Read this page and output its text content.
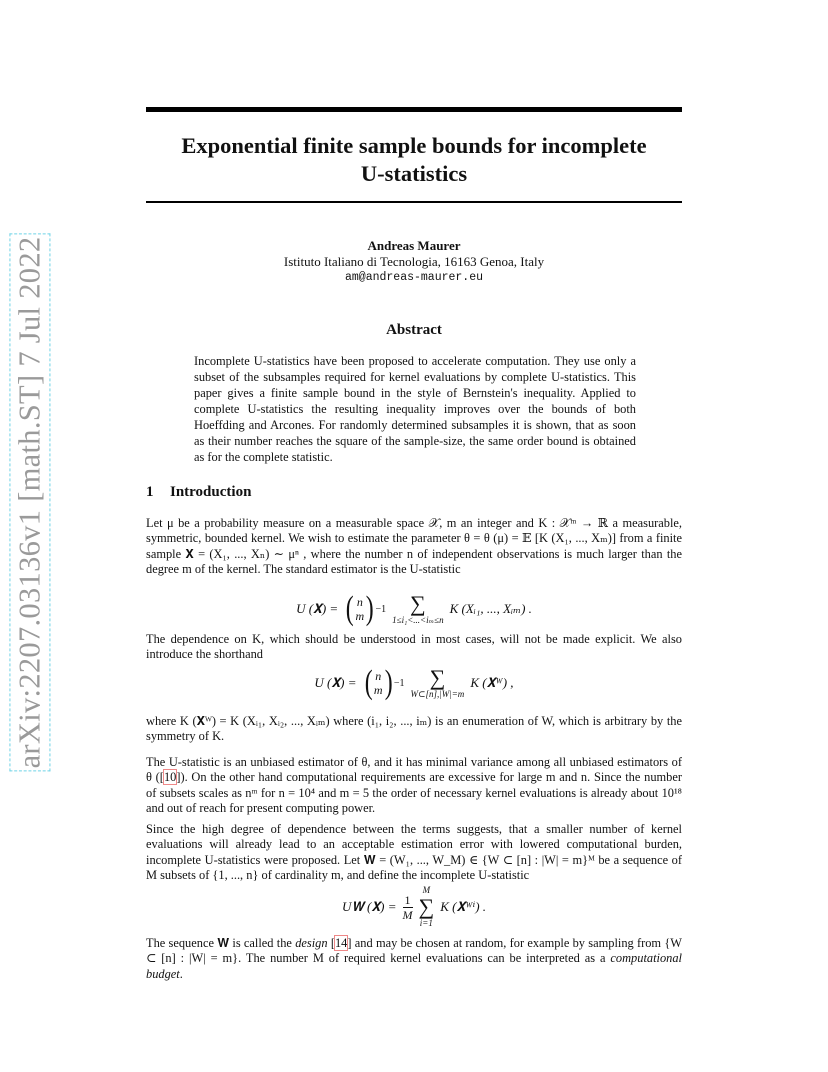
arXiv:2207.03136v1 [math.ST] 7 Jul 2022
Exponential finite sample bounds for incomplete
U-statistics
Andreas Maurer
Istituto Italiano di Tecnologia, 16163 Genoa, Italy
am@andreas-maurer.eu
Abstract

Incomplete U-statistics have been proposed to accelerate computation. They use only a subset of the subsamples required for kernel evaluations by complete U-statistics. This paper gives a finite sample bound in the style of Bernstein's inequality. Applied to complete U-statistics the resulting inequality improves over the bounds of both Hoeffding and Arcones. For randomly determined subsamples it is shown, that as soon as their number reaches the square of the sample-size, the same order bound is obtained as for the complete statistic.

1 Introduction

Let μ be a probability measure on a measurable space 𝒳, m an integer and K : 𝒳ᵐ → ℝ a measurable, symmetric, bounded kernel. We wish to estimate the parameter θ = θ (μ) = 𝔼 [K (X₁, ..., Xₘ)] from a finite sample 𝐗 = (X₁, ..., Xₙ) ∼ μⁿ , where the number n of independent observations is much larger than the degree m of the kernel. The standard estimator is the U-statistic

U (𝐗) = ( n
m ) −1 ∑
1≤i₁<...<iₘ≤n
K (Xᵢ₁, ..., Xᵢₘ) .

The dependence on K, which should be understood in most cases, will not be made explicit. We also introduce the shorthand

U (𝐗) = ( n
m ) −1 ∑
W⊂[n],|W|=m
K (𝐗ᵂ) ,

where K (𝐗ᵂ) = K (Xᵢ₁, Xᵢ₂, ..., Xᵢₘ) where (i₁, i₂, ..., iₘ) is an enumeration of W, which is arbitrary by the symmetry of K.

The U-statistic is an unbiased estimator of θ, and it has minimal variance among all unbiased estimators of θ ([10]). On the other hand computational requirements are excessive for large m and n. Since the number of subsets scales as nᵐ for n = 10⁴ and m = 5 the order of necessary kernel evaluations is already about 10¹⁸ and out of reach for present computing power.

Since the high degree of dependence between the terms suggests, that a smaller number of kernel evaluations will already lead to an acceptable estimation error with lowered computational burden, incomplete U-statistics were proposed. Let 𝐖 = (W₁, ..., W_M) ∈ {W ⊂ [n] : |W| = m}ᴹ be a sequence of M subsets of {1, ..., n} of cardinality m, and define the incomplete U-statistic

U𝐖 (𝐗) = $\frac{1}{M}$
M
∑
i=1
K (𝐗ᵂⁱ) .

The sequence 𝐖 is called the design [14] and may be chosen at random, for example by sampling from {W ⊂ [n] : |W| = m}. The number M of required kernel evaluations can be interpreted as a computational budget.
